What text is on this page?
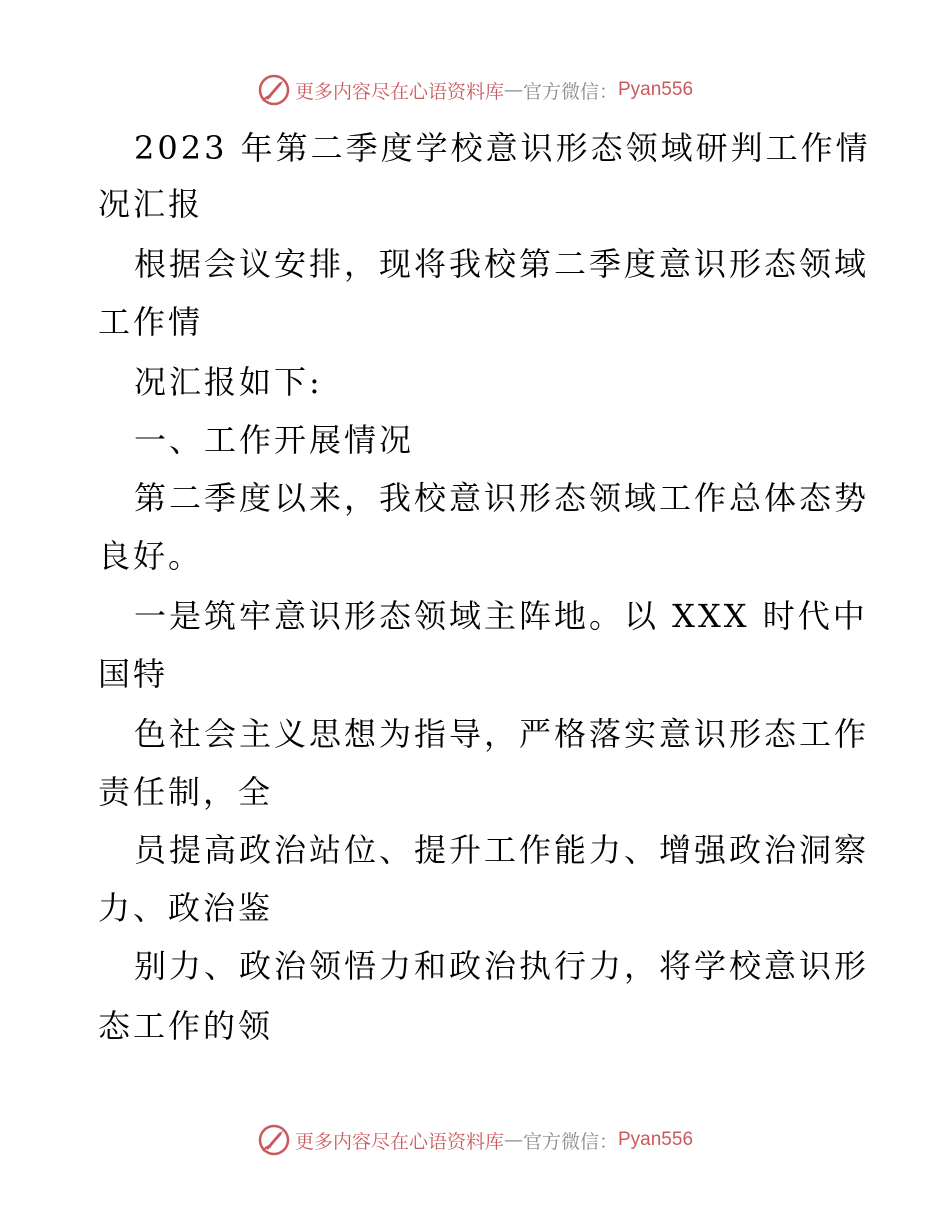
更多内容尽在心语资料库 — 官方微信： Pyan556
2023 年第二季度学校意识形态领域研判工作情
况汇报
根据会议安排，现将我校第二季度意识形态领域
工作情
况汇报如下:
一、工作开展情况
第二季度以来，我校意识形态领域工作总体态势
良好。
一是筑牢意识形态领域主阵地。以 XXX 时代中
国特
色社会主义思想为指导，严格落实意识形态工作
责任制，全
员提高政治站位、提升工作能力、增强政治洞察
力、政治鉴
别力、政治领悟力和政治执行力，将学校意识形
态工作的领
更多内容尽在心语资料库 — 官方微信： Pyan556
